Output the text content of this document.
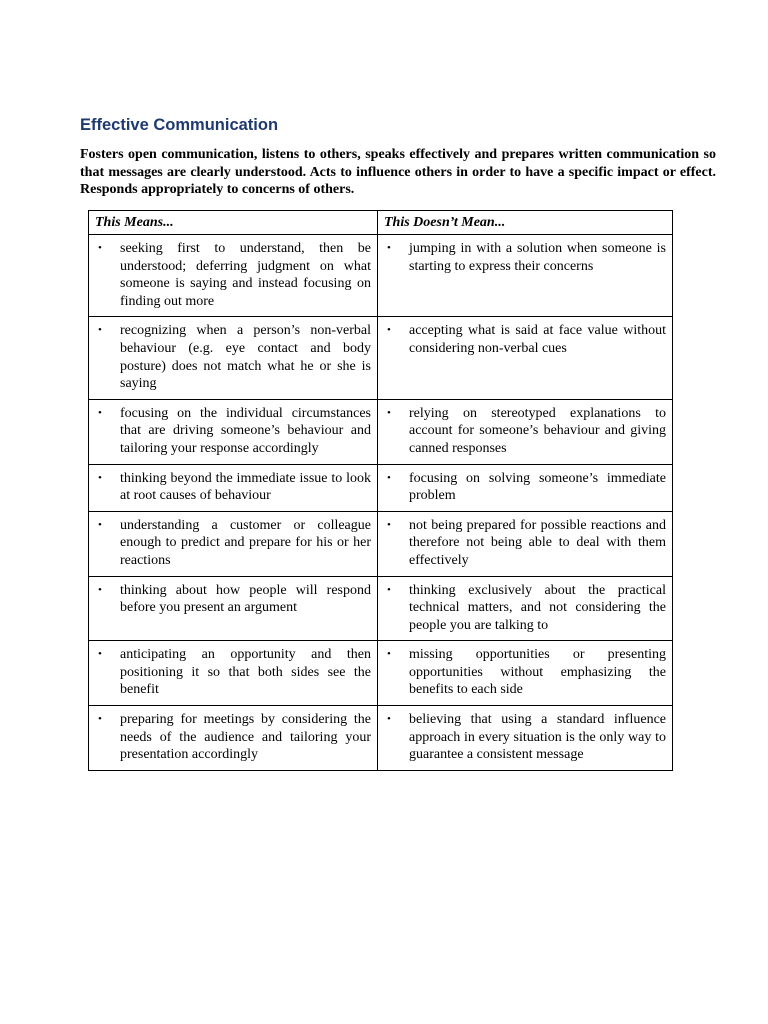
Effective Communication

Fosters open communication, listens to others, speaks effectively and prepares written communication so that messages are clearly understood. Acts to influence others in order to have a specific impact or effect. Responds appropriately to concerns of others.

This Means...	This Doesn’t Mean...

• seeking first to understand, then be understood; deferring judgment on what someone is saying and instead focusing on finding out more	• jumping in with a solution when someone is starting to express their concerns

• recognizing when a person’s non-verbal behaviour (e.g. eye contact and body posture) does not match what he or she is saying	• accepting what is said at face value without considering non-verbal cues

• focusing on the individual circumstances that are driving someone’s behaviour and tailoring your response accordingly	• relying on stereotyped explanations to account for someone’s behaviour and giving canned responses

• thinking beyond the immediate issue to look at root causes of behaviour	• focusing on solving someone’s immediate problem

• understanding a customer or colleague enough to predict and prepare for his or her reactions	• not being prepared for possible reactions and therefore not being able to deal with them effectively

• thinking about how people will respond before you present an argument	• thinking exclusively about the practical technical matters, and not considering the people you are talking to

• anticipating an opportunity and then positioning it so that both sides see the benefit	• missing opportunities or presenting opportunities without emphasizing the benefits to each side

• preparing for meetings by considering the needs of the audience and tailoring your presentation accordingly	• believing that using a standard influence approach in every situation is the only way to guarantee a consistent message
